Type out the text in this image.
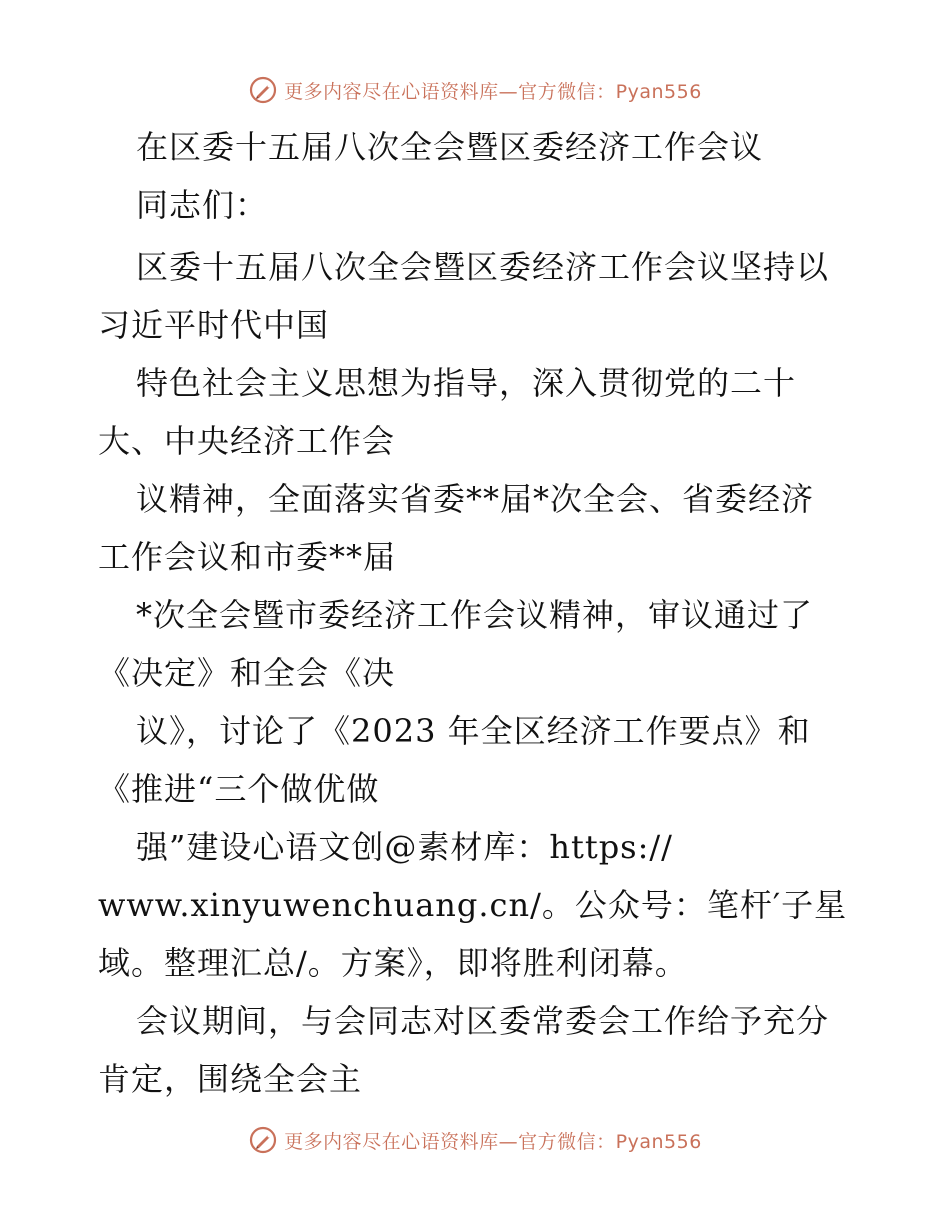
更多内容尽在心语资料库—官方微信：Pyan556
在区委十五届八次全会暨区委经济工作会议
同志们：
区委十五届八次全会暨区委经济工作会议坚持以
习近平时代中国
特色社会主义思想为指导，深入贯彻党的二十
大、中央经济工作会
议精神，全面落实省委**届*次全会、省委经济
工作会议和市委**届
*次全会暨市委经济工作会议精神，审议通过了
《决定》和全会《决
议》，讨论了《2023 年全区经济工作要点》和
《推进“三个做优做
强”建设心语文创@素材库：https://
www.xinyuwenchuang.cn/。公众号：笔杆′子星
域。整理汇总/。方案》，即将胜利闭幕。
会议期间，与会同志对区委常委会工作给予充分
肯定，围绕全会主
更多内容尽在心语资料库—官方微信：Pyan556
